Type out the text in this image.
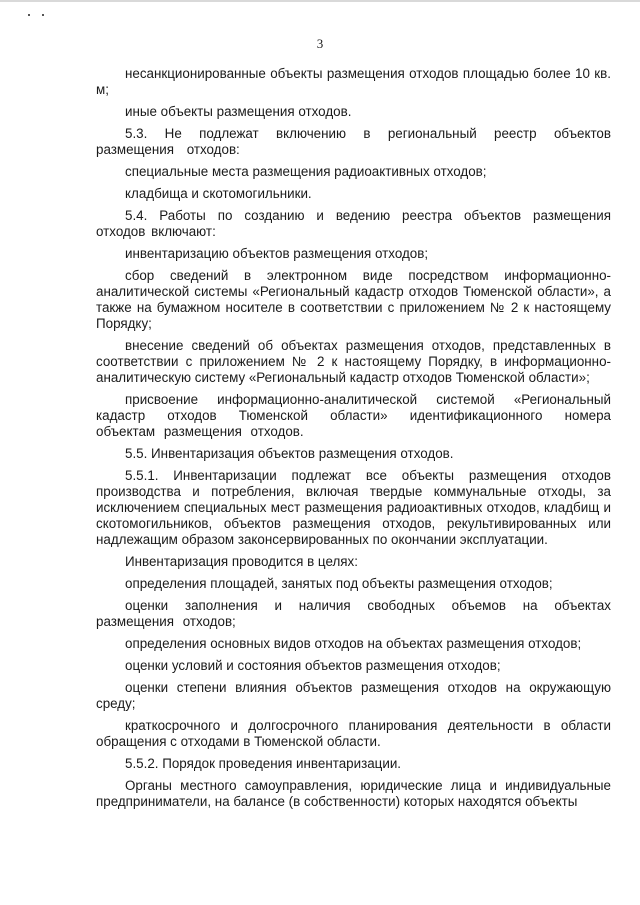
3

несанкционированные объекты размещения отходов площадью более 10 кв. м;

иные объекты размещения отходов.

5.3. Не подлежат включению в региональный реестр объектов размещения отходов:

специальные места размещения радиоактивных отходов;

кладбища и скотомогильники.

5.4. Работы по созданию и ведению реестра объектов размещения отходов включают:

инвентаризацию объектов размещения отходов;

сбор сведений в электронном виде посредством информационно-аналитической системы «Региональный кадастр отходов Тюменской области», а также на бумажном носителе в соответствии с приложением № 2 к настоящему Порядку;

внесение сведений об объектах размещения отходов, представленных в соответствии с приложением № 2 к настоящему Порядку, в информационно-аналитическую систему «Региональный кадастр отходов Тюменской области»;

присвоение информационно-аналитической системой «Региональный кадастр отходов Тюменской области» идентификационного номера объектам размещения отходов.

5.5. Инвентаризация объектов размещения отходов.

5.5.1. Инвентаризации подлежат все объекты размещения отходов производства и потребления, включая твердые коммунальные отходы, за исключением специальных мест размещения радиоактивных отходов, кладбищ и скотомогильников, объектов размещения отходов, рекультивированных или надлежащим образом законсервированных по окончании эксплуатации.

Инвентаризация проводится в целях:

определения площадей, занятых под объекты размещения отходов;

оценки заполнения и наличия свободных объемов на объектах размещения отходов;

определения основных видов отходов на объектах размещения отходов;

оценки условий и состояния объектов размещения отходов;

оценки степени влияния объектов размещения отходов на окружающую среду;

краткосрочного и долгосрочного планирования деятельности в области обращения с отходами в Тюменской области.

5.5.2. Порядок проведения инвентаризации.

Органы местного самоуправления, юридические лица и индивидуальные предприниматели, на балансе (в собственности) которых находятся объекты
